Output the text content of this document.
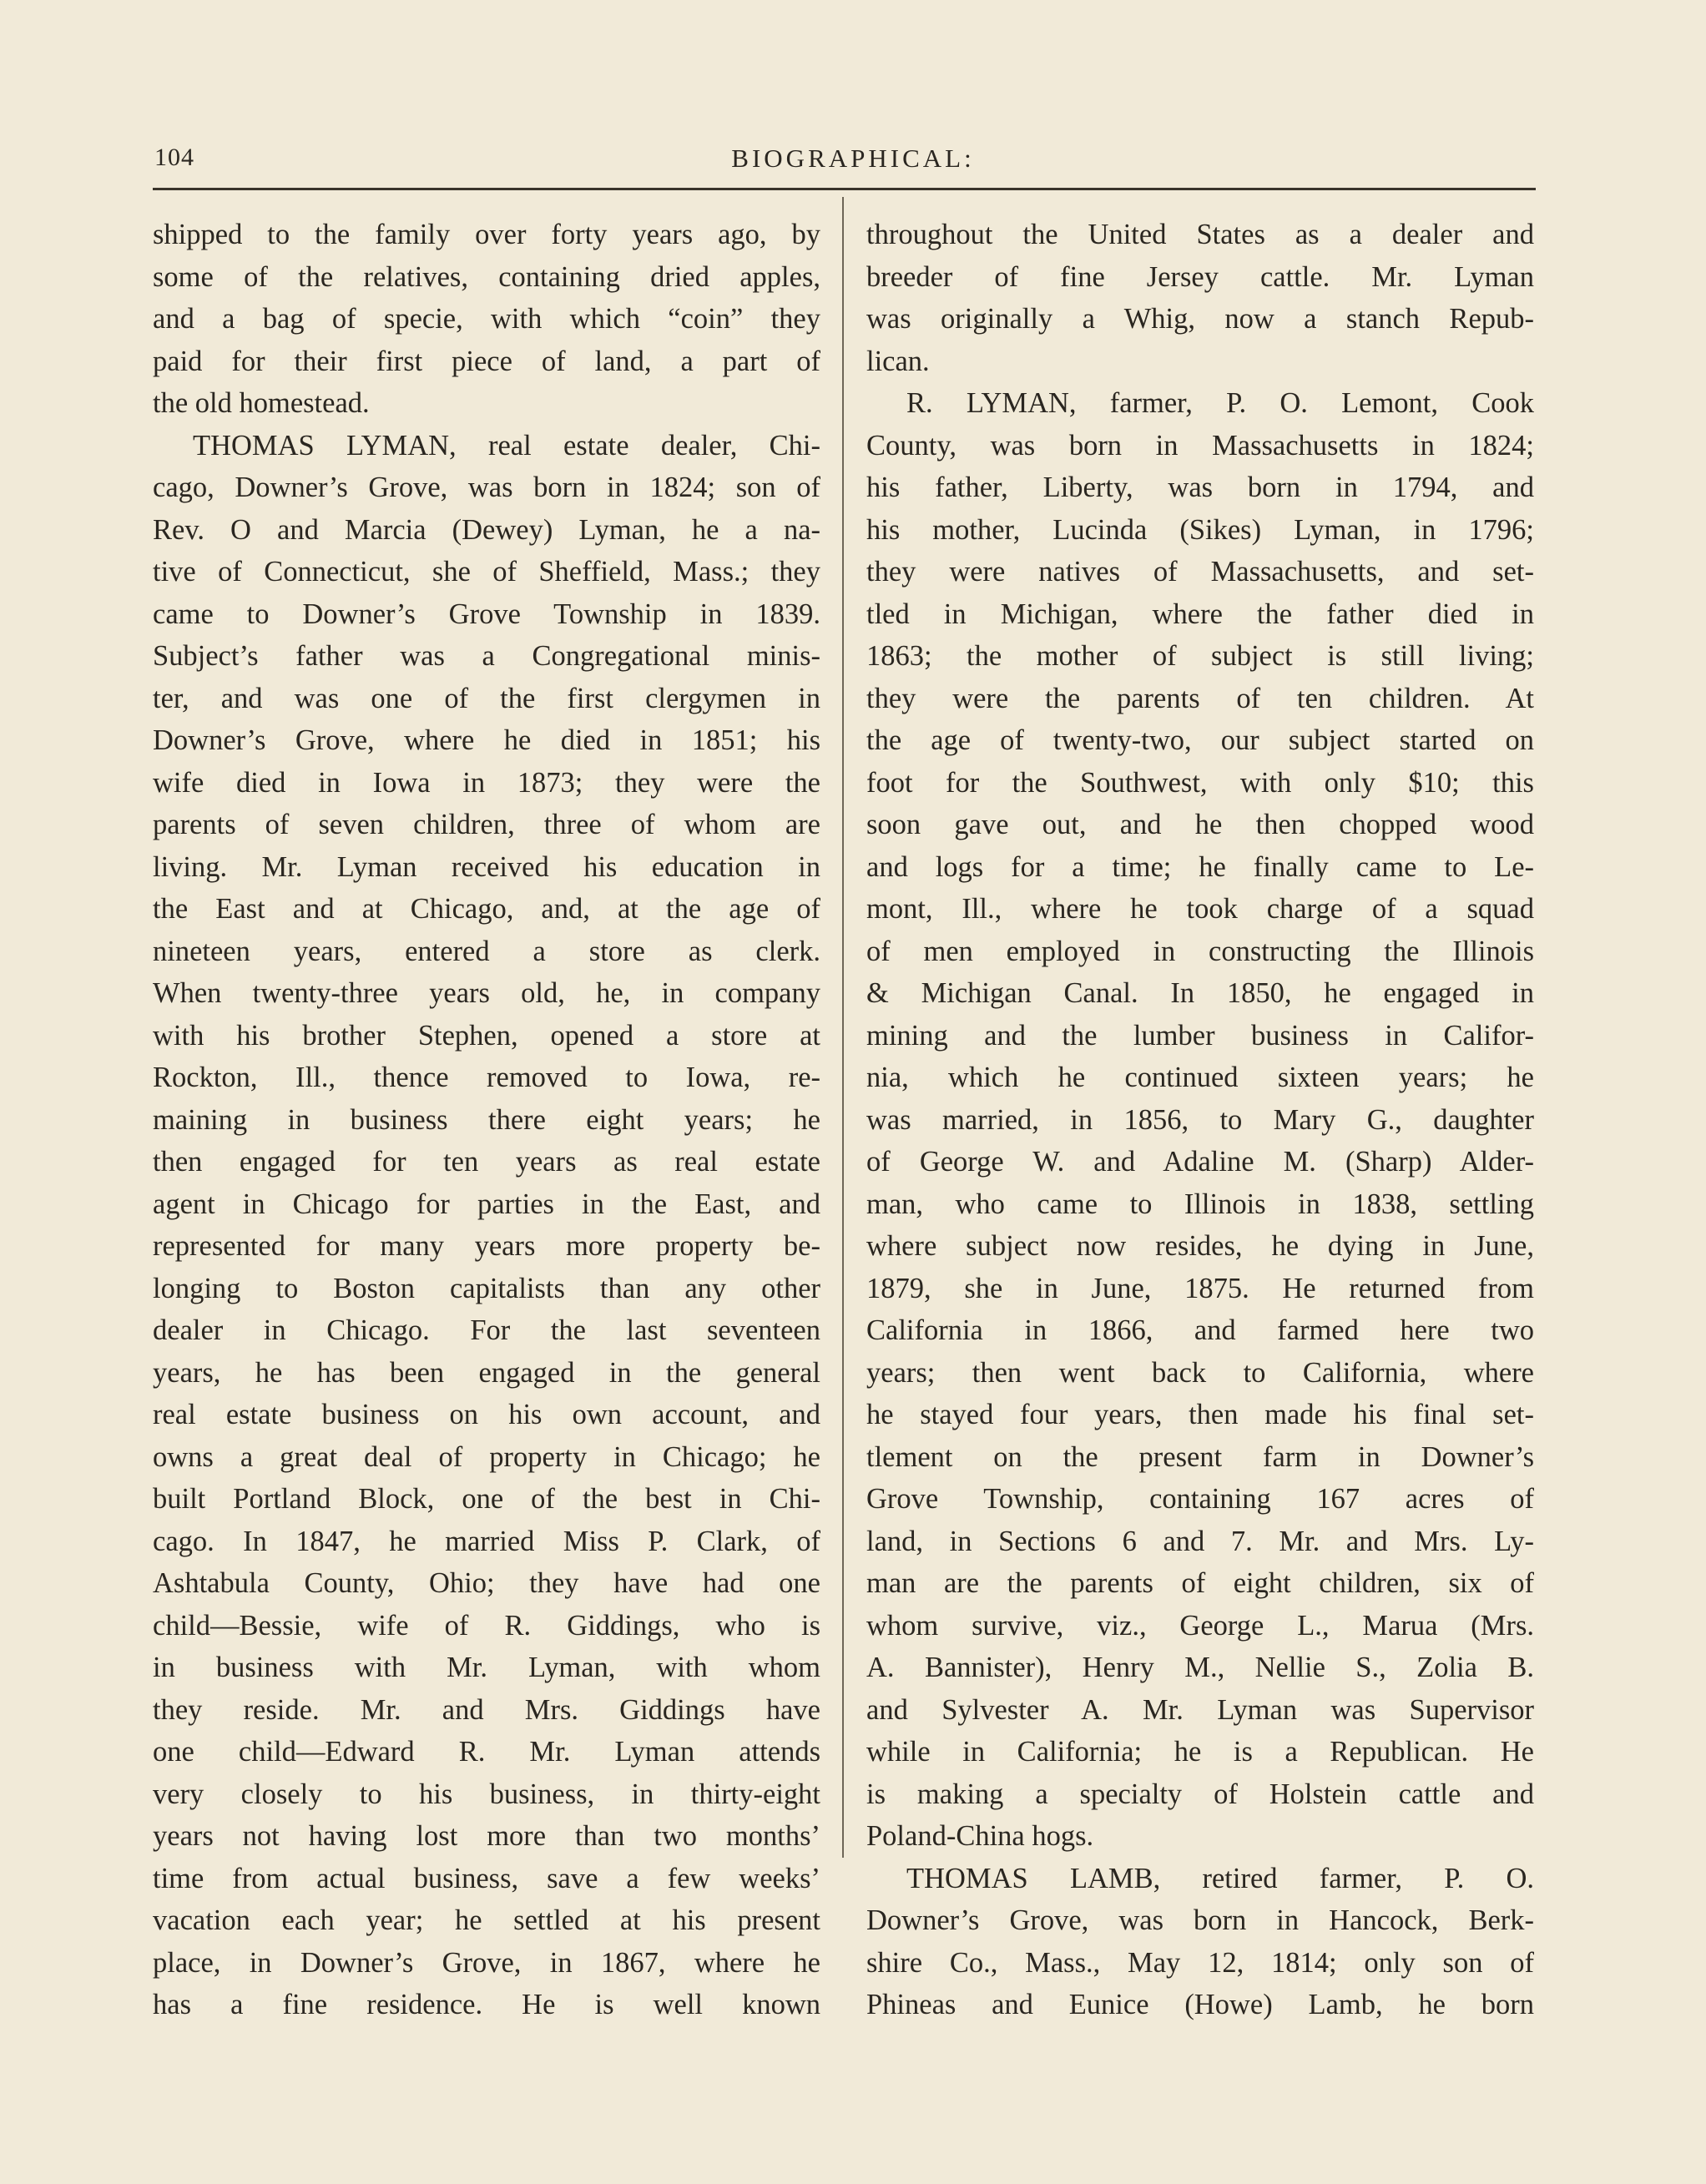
104	BIOGRAPHICAL:
shipped to the family over forty years ago, by
some of the relatives, containing dried apples,
and a bag of specie, with which “coin” they
paid for their first piece of land, a part of
the old homestead.
THOMAS LYMAN, real estate dealer, Chi-
cago, Downer’s Grove, was born in 1824; son of
Rev. O and Marcia (Dewey) Lyman, he a na-
tive of Connecticut, she of Sheffield, Mass.; they
came to Downer’s Grove Township in 1839.
Subject’s father was a Congregational minis-
ter, and was one of the first clergymen in
Downer’s Grove, where he died in 1851; his
wife died in Iowa in 1873; they were the
parents of seven children, three of whom are
living. Mr. Lyman received his education in
the East and at Chicago, and, at the age of
nineteen years, entered a store as clerk.
When twenty-three years old, he, in company
with his brother Stephen, opened a store at
Rockton, Ill., thence removed to Iowa, re-
maining in business there eight years; he
then engaged for ten years as real estate
agent in Chicago for parties in the East, and
represented for many years more property be-
longing to Boston capitalists than any other
dealer in Chicago. For the last seventeen
years, he has been engaged in the general
real estate business on his own account, and
owns a great deal of property in Chicago; he
built Portland Block, one of the best in Chi-
cago. In 1847, he married Miss P. Clark, of
Ashtabula County, Ohio; they have had one
child—Bessie, wife of R. Giddings, who is
in business with Mr. Lyman, with whom
they reside. Mr. and Mrs. Giddings have
one child—Edward R. Mr. Lyman attends
very closely to his business, in thirty-eight
years not having lost more than two months’
time from actual business, save a few weeks’
vacation each year; he settled at his present
place, in Downer’s Grove, in 1867, where he
has a fine residence. He is well known
throughout the United States as a dealer and
breeder of fine Jersey cattle. Mr. Lyman
was originally a Whig, now a stanch Repub-
lican.
R. LYMAN, farmer, P. O. Lemont, Cook
County, was born in Massachusetts in 1824;
his father, Liberty, was born in 1794, and
his mother, Lucinda (Sikes) Lyman, in 1796;
they were natives of Massachusetts, and set-
tled in Michigan, where the father died in
1863; the mother of subject is still living;
they were the parents of ten children. At
the age of twenty-two, our subject started on
foot for the Southwest, with only $10; this
soon gave out, and he then chopped wood
and logs for a time; he finally came to Le-
mont, Ill., where he took charge of a squad
of men employed in constructing the Illinois
& Michigan Canal. In 1850, he engaged in
mining and the lumber business in Califor-
nia, which he continued sixteen years; he
was married, in 1856, to Mary G., daughter
of George W. and Adaline M. (Sharp) Alder-
man, who came to Illinois in 1838, settling
where subject now resides, he dying in June,
1879, she in June, 1875. He returned from
California in 1866, and farmed here two
years; then went back to California, where
he stayed four years, then made his final set-
tlement on the present farm in Downer’s
Grove Township, containing 167 acres of
land, in Sections 6 and 7. Mr. and Mrs. Ly-
man are the parents of eight children, six of
whom survive, viz., George L., Marua (Mrs.
A. Bannister), Henry M., Nellie S., Zolia B.
and Sylvester A. Mr. Lyman was Supervisor
while in California; he is a Republican. He
is making a specialty of Holstein cattle and
Poland-China hogs.
THOMAS LAMB, retired farmer, P. O.
Downer’s Grove, was born in Hancock, Berk-
shire Co., Mass., May 12, 1814; only son of
Phineas and Eunice (Howe) Lamb, he born
